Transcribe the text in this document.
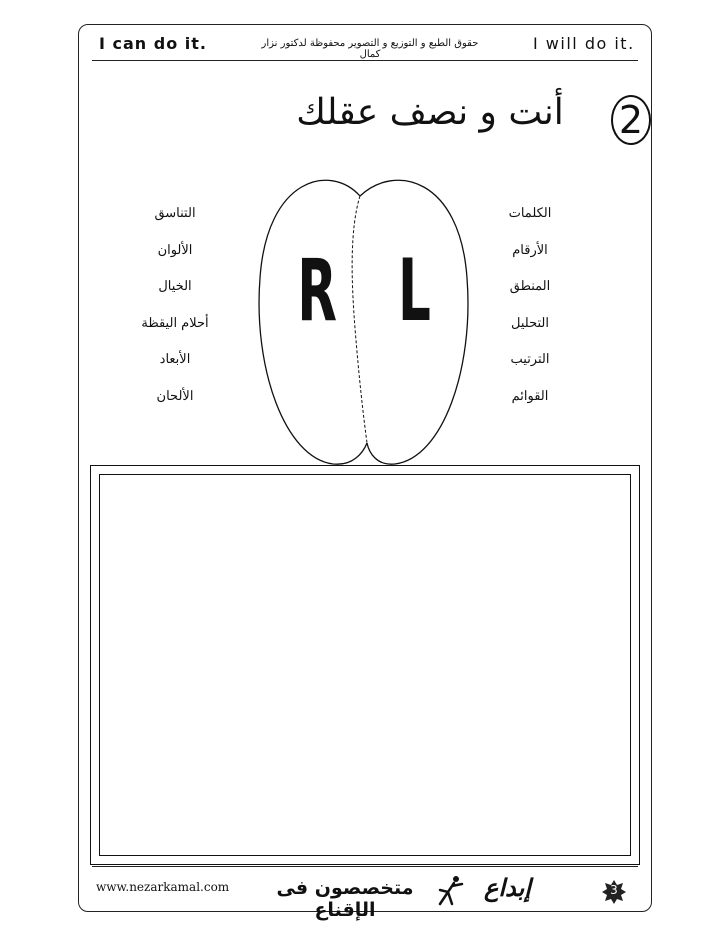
I can do it.	حقوق الطبع و التوزيع و التصوير محفوظة لدكتور نزار كمال
I will do it.
2
أنت و نصف عقلك
R L
التناسق
الألوان
الخيال
أحلام اليقظة
الأبعاد
الألحان
الكلمات
الأرقام
المنطق
التحليل
الترتيب
القوائم
www.nezarkamal.com	متخصصون فى الإقناع
إبداع	3
